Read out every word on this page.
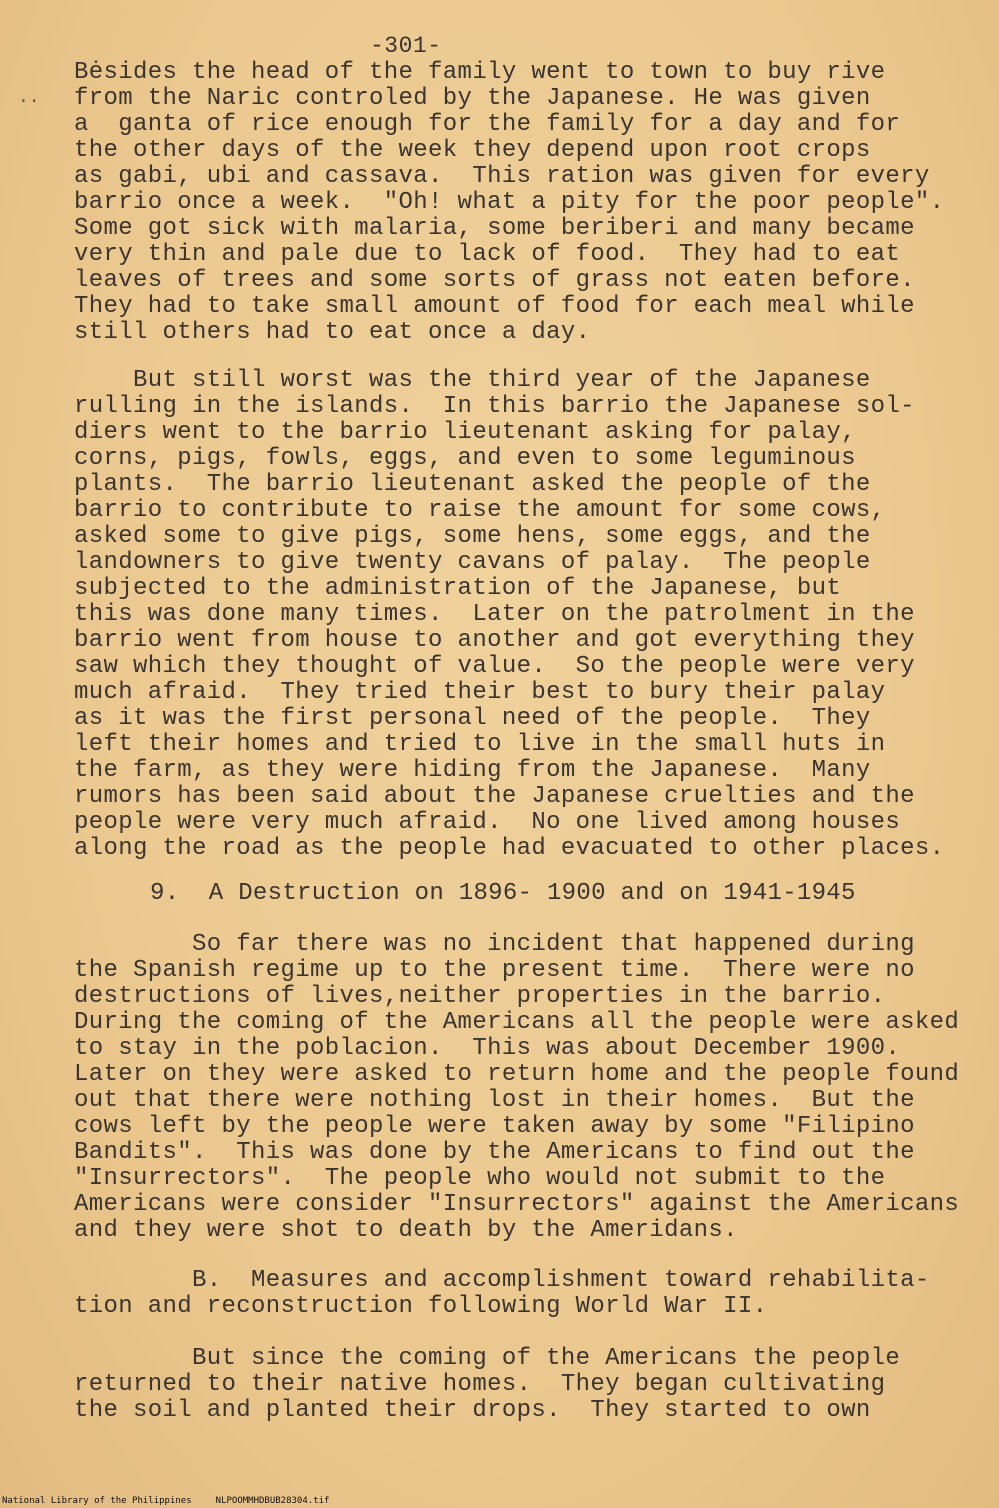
··
-301-
Bėsides the head of the family went to town to buy rive
from the Naric controled by the Japanese. He was given
a  ganta of rice enough for the family for a day and for
the other days of the week they depend upon root crops
as gabi, ubi and cassava.  This ration was given for every
barrio once a week.  "Oh! what a pity for the poor people".
Some got sick with malaria, some beriberi and many became
very thin and pale due to lack of food.  They had to eat
leaves of trees and some sorts of grass not eaten before.
They had to take small amount of food for each meal while
still others had to eat once a day.
But still worst was the third year of the Japanese
rulling in the islands.  In this barrio the Japanese sol-
diers went to the barrio lieutenant asking for palay,
corns, pigs, fowls, eggs, and even to some leguminous
plants.  The barrio lieutenant asked the people of the
barrio to contribute to raise the amount for some cows,
asked some to give pigs, some hens, some eggs, and the
landowners to give twenty cavans of palay.  The people
subjected to the administration of the Japanese, but
this was done many times.  Later on the patrolment in the
barrio went from house to another and got everything they
saw which they thought of value.  So the people were very
much afraid.  They tried their best to bury their palay
as it was the first personal need of the people.  They
left their homes and tried to live in the small huts in
the farm, as they were hiding from the Japanese.  Many
rumors has been said about the Japanese cruelties and the
people were very much afraid.  No one lived among houses
along the road as the people had evacuated to other places.
9.  A Destruction on 1896- 1900 and on 1941-1945
So far there was no incident that happened during
the Spanish regime up to the present time.  There were no
destructions of lives,neither properties in the barrio.
During the coming of the Americans all the people were asked
to stay in the poblacion.  This was about December 1900.
Later on they were asked to return home and the people found
out that there were nothing lost in their homes.  But the
cows left by the people were taken away by some "Filipino
Bandits".  This was done by the Americans to find out the
"Insurrectors".  The people who would not submit to the
Americans were consider "Insurrectors" against the Americans
and they were shot to death by the Ameridans.
B.  Measures and accomplishment toward rehabilita-
tion and reconstruction following World War II.
But since the coming of the Americans the people
returned to their native homes.  They began cultivating
the soil and planted their drops.  They started to own
National Library of the Philippines	NLPOOMMHDBUB28304.tif
